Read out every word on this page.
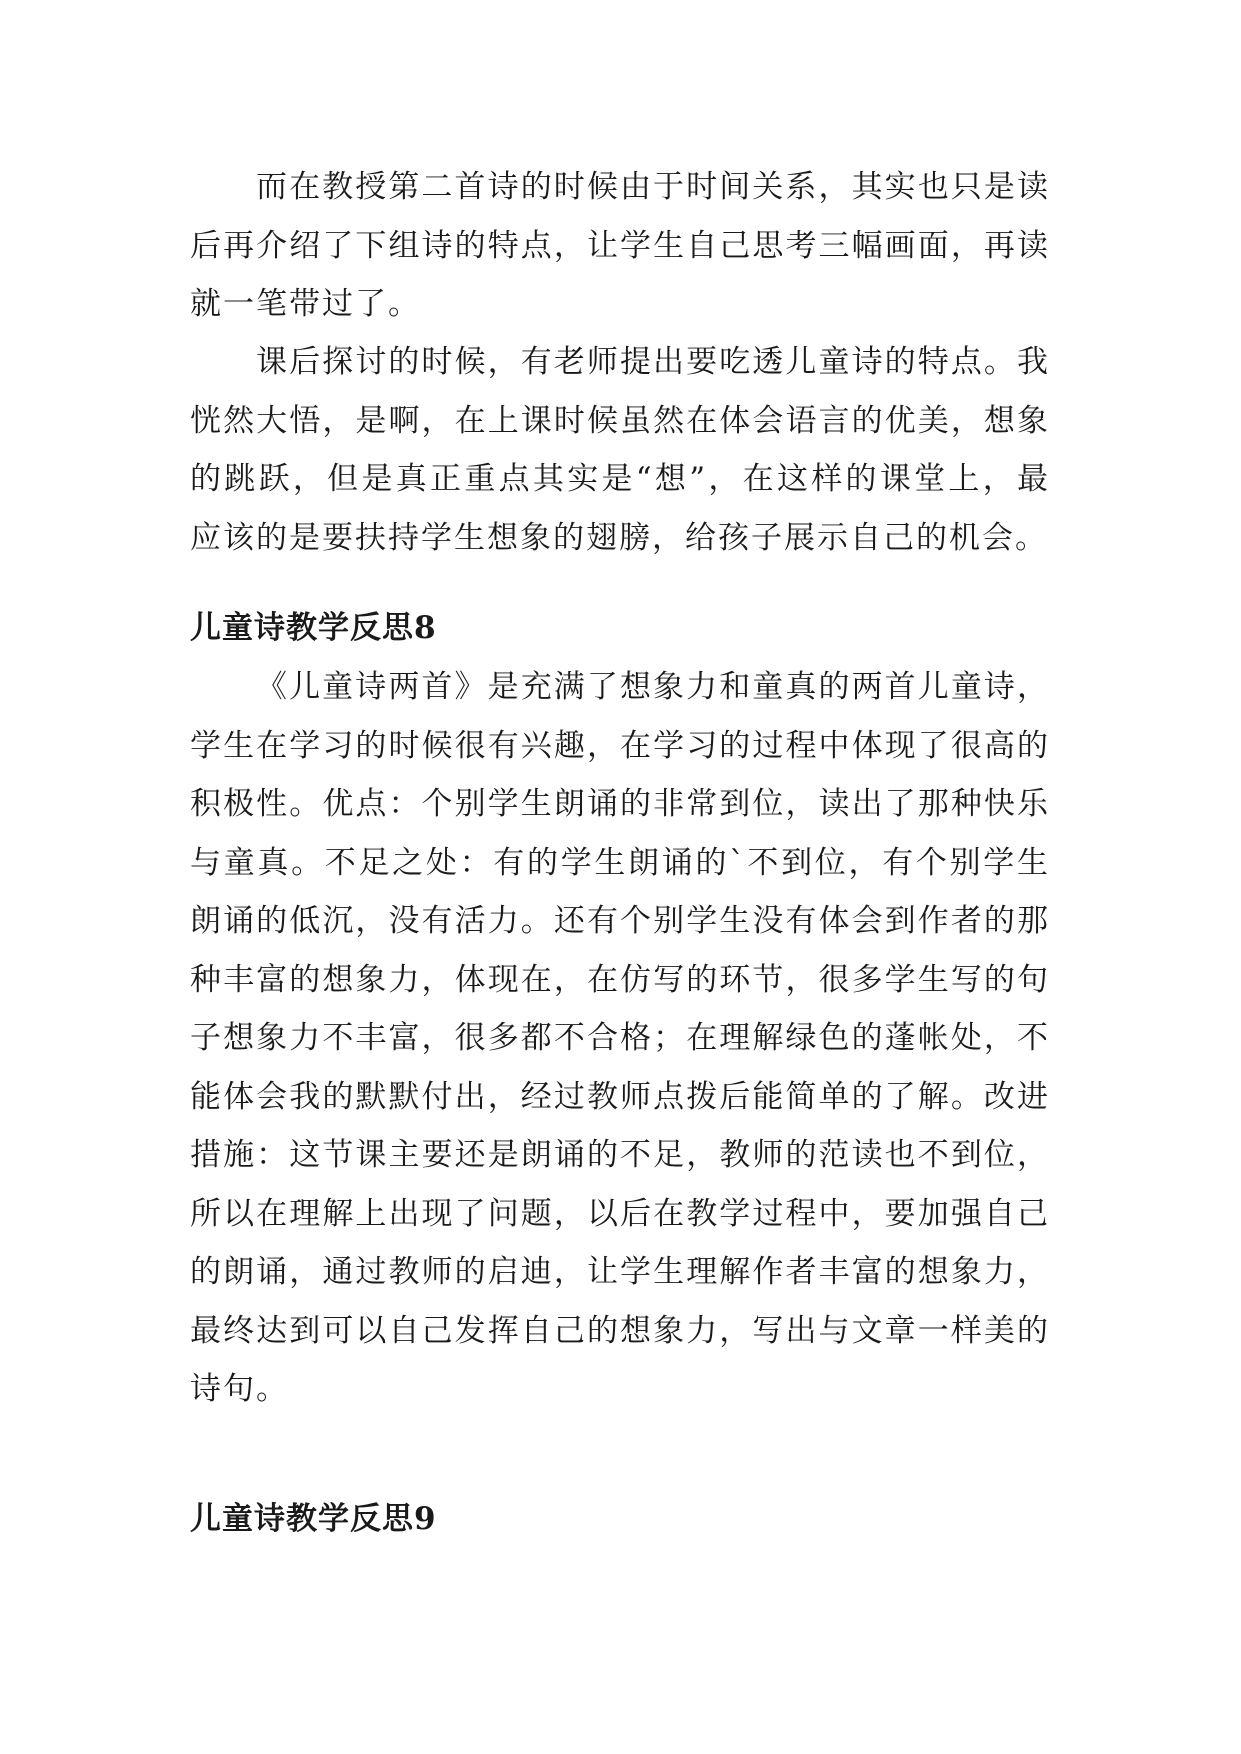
而在教授第二首诗的时候由于时间关系，其实也只是读后再介绍了下组诗的特点，让学生自己思考三幅画面，再读就一笔带过了。

课后探讨的时候，有老师提出要吃透儿童诗的特点。我恍然大悟，是啊，在上课时候虽然在体会语言的优美，想象的跳跃，但是真正重点其实是“想”，在这样的课堂上，最应该的是要扶持学生想象的翅膀，给孩子展示自己的机会。

儿童诗教学反思8

《儿童诗两首》是充满了想象力和童真的两首儿童诗，学生在学习的时候很有兴趣，在学习的过程中体现了很高的积极性。优点：个别学生朗诵的非常到位，读出了那种快乐与童真。不足之处：有的学生朗诵的`不到位，有个别学生朗诵的低沉，没有活力。还有个别学生没有体会到作者的那种丰富的想象力，体现在，在仿写的环节，很多学生写的句子想象力不丰富，很多都不合格；在理解绿色的蓬帐处，不能体会我的默默付出，经过教师点拨后能简单的了解。改进措施：这节课主要还是朗诵的不足，教师的范读也不到位，所以在理解上出现了问题，以后在教学过程中，要加强自己的朗诵，通过教师的启迪，让学生理解作者丰富的想象力，最终达到可以自己发挥自己的想象力，写出与文章一样美的诗句。

儿童诗教学反思9
